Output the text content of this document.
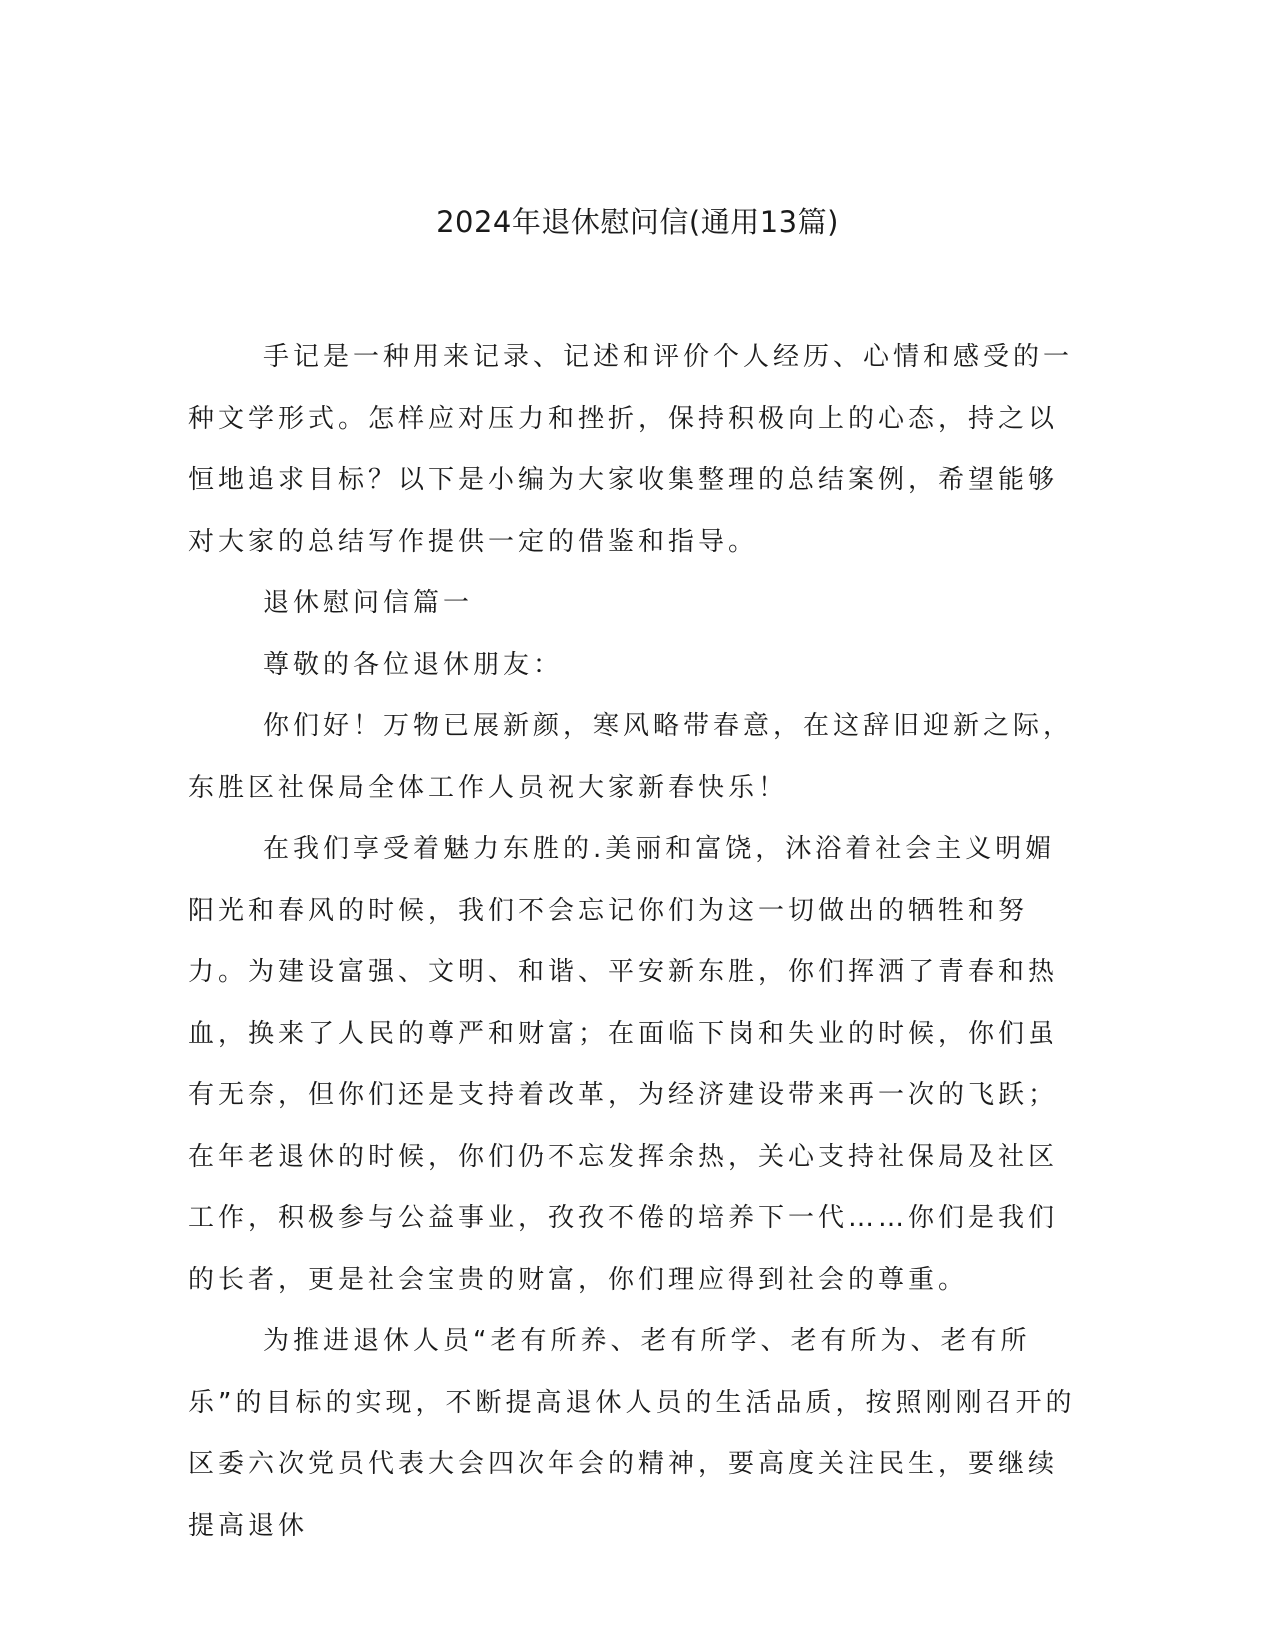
2024年退休慰问信(通用13篇)

手记是一种用来记录、记述和评价个人经历、心情和感受的一种文学形式。怎样应对压力和挫折，保持积极向上的心态，持之以恒地追求目标？以下是小编为大家收集整理的总结案例，希望能够对大家的总结写作提供一定的借鉴和指导。

退休慰问信篇一

尊敬的各位退休朋友：

你们好！万物已展新颜，寒风略带春意，在这辞旧迎新之际，东胜区社保局全体工作人员祝大家新春快乐！

在我们享受着魅力东胜的.美丽和富饶，沐浴着社会主义明媚阳光和春风的时候，我们不会忘记你们为这一切做出的牺牲和努力。为建设富强、文明、和谐、平安新东胜，你们挥洒了青春和热血，换来了人民的尊严和财富；在面临下岗和失业的时候，你们虽有无奈，但你们还是支持着改革，为经济建设带来再一次的飞跃；在年老退休的时候，你们仍不忘发挥余热，关心支持社保局及社区工作，积极参与公益事业，孜孜不倦的培养下一代……你们是我们的长者，更是社会宝贵的财富，你们理应得到社会的尊重。

为推进退休人员“老有所养、老有所学、老有所为、老有所乐”的目标的实现，不断提高退休人员的生活品质，按照刚刚召开的区委六次党员代表大会四次年会的精神，要高度关注民生，要继续提高退休
